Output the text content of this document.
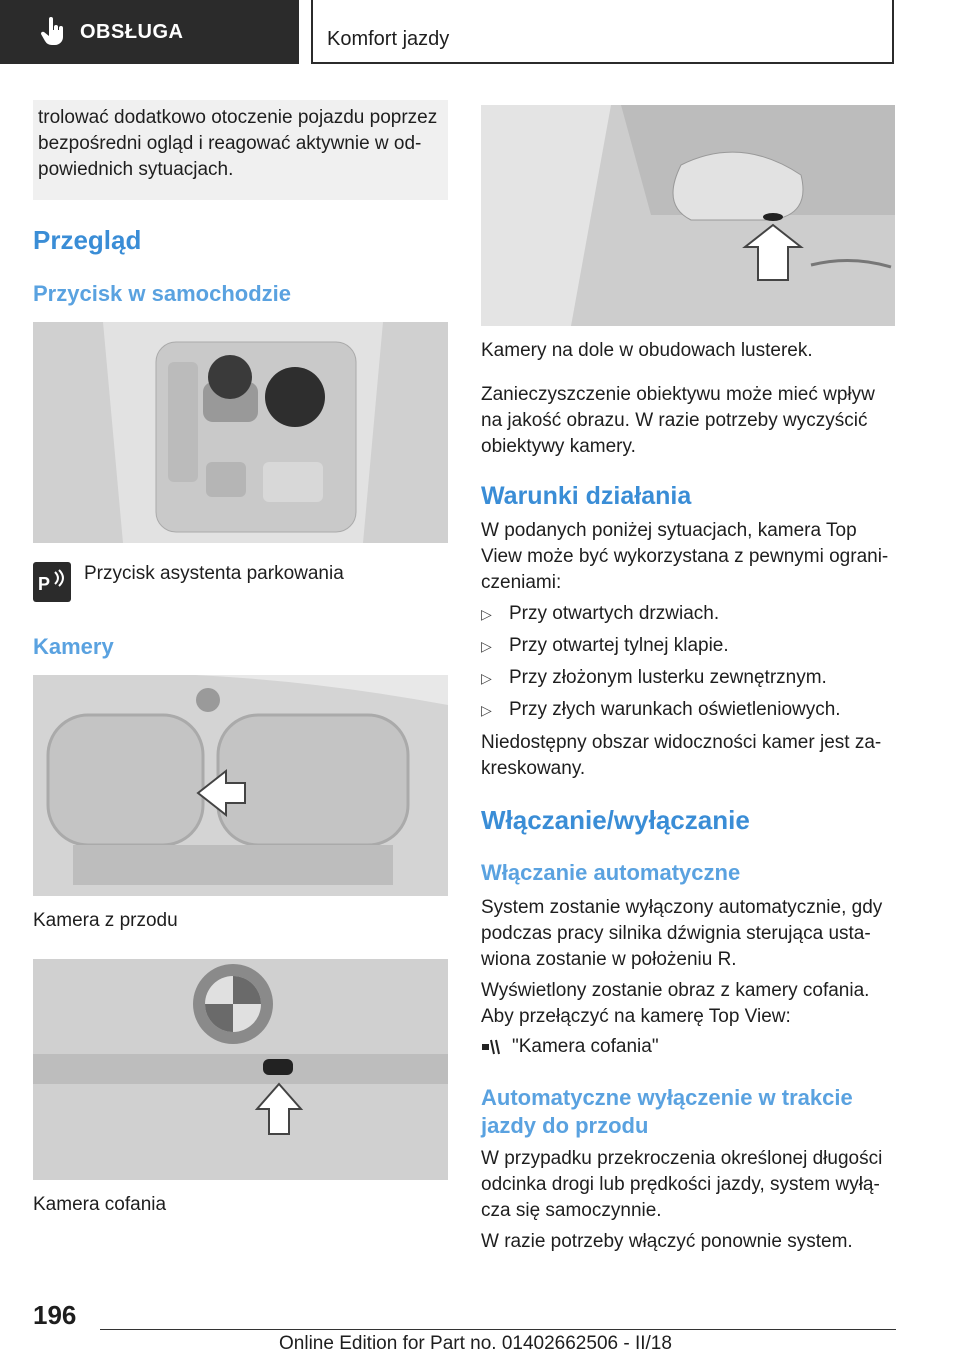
OBSŁUGA	Komfort jazdy

trolować dodatkowo otoczenie pojazdu poprzez

bezpośredni ogląd i reagować aktywnie w od-

powiednich sytuacjach.

Przegląd
Przycisk w samochodzie
P Przycisk asystenta parkowania
Kamery
Kamera z przodu
Kamera cofania
Kamery na dole w obudowach lusterek.

Zanieczyszczenie obiektywu może mieć wpływ

na jakość obrazu. W razie potrzeby wyczyścić

obiektywy kamery.

Warunki działania

W podanych poniżej sytuacjach, kamera Top

View może być wykorzystana z pewnymi ograni-

czeniami:

▷ Przy otwartych drzwiach.
▷ Przy otwartej tylnej klapie.
▷ Przy złożonym lusterku zewnętrznym.
▷ Przy złych warunkach oświetleniowych.

Niedostępny obszar widoczności kamer jest za-

kreskowany.

Włączanie/wyłączanie
Włączanie automatyczne

System zostanie wyłączony automatycznie, gdy

podczas pracy silnika dźwignia sterująca usta-

wiona zostanie w położeniu R.

Wyświetlony zostanie obraz z kamery cofania.

Aby przełączyć na kamerę Top View:

"Kamera cofania"
Automatyczne wyłączenie w trakcie
jazdy do przodu

W przypadku przekroczenia określonej długości

odcinka drogi lub prędkości jazdy, system wyłą-

cza się samoczynnie.

W razie potrzeby włączyć ponownie system.
196
Online Edition for Part no. 01402662506 - II/18
